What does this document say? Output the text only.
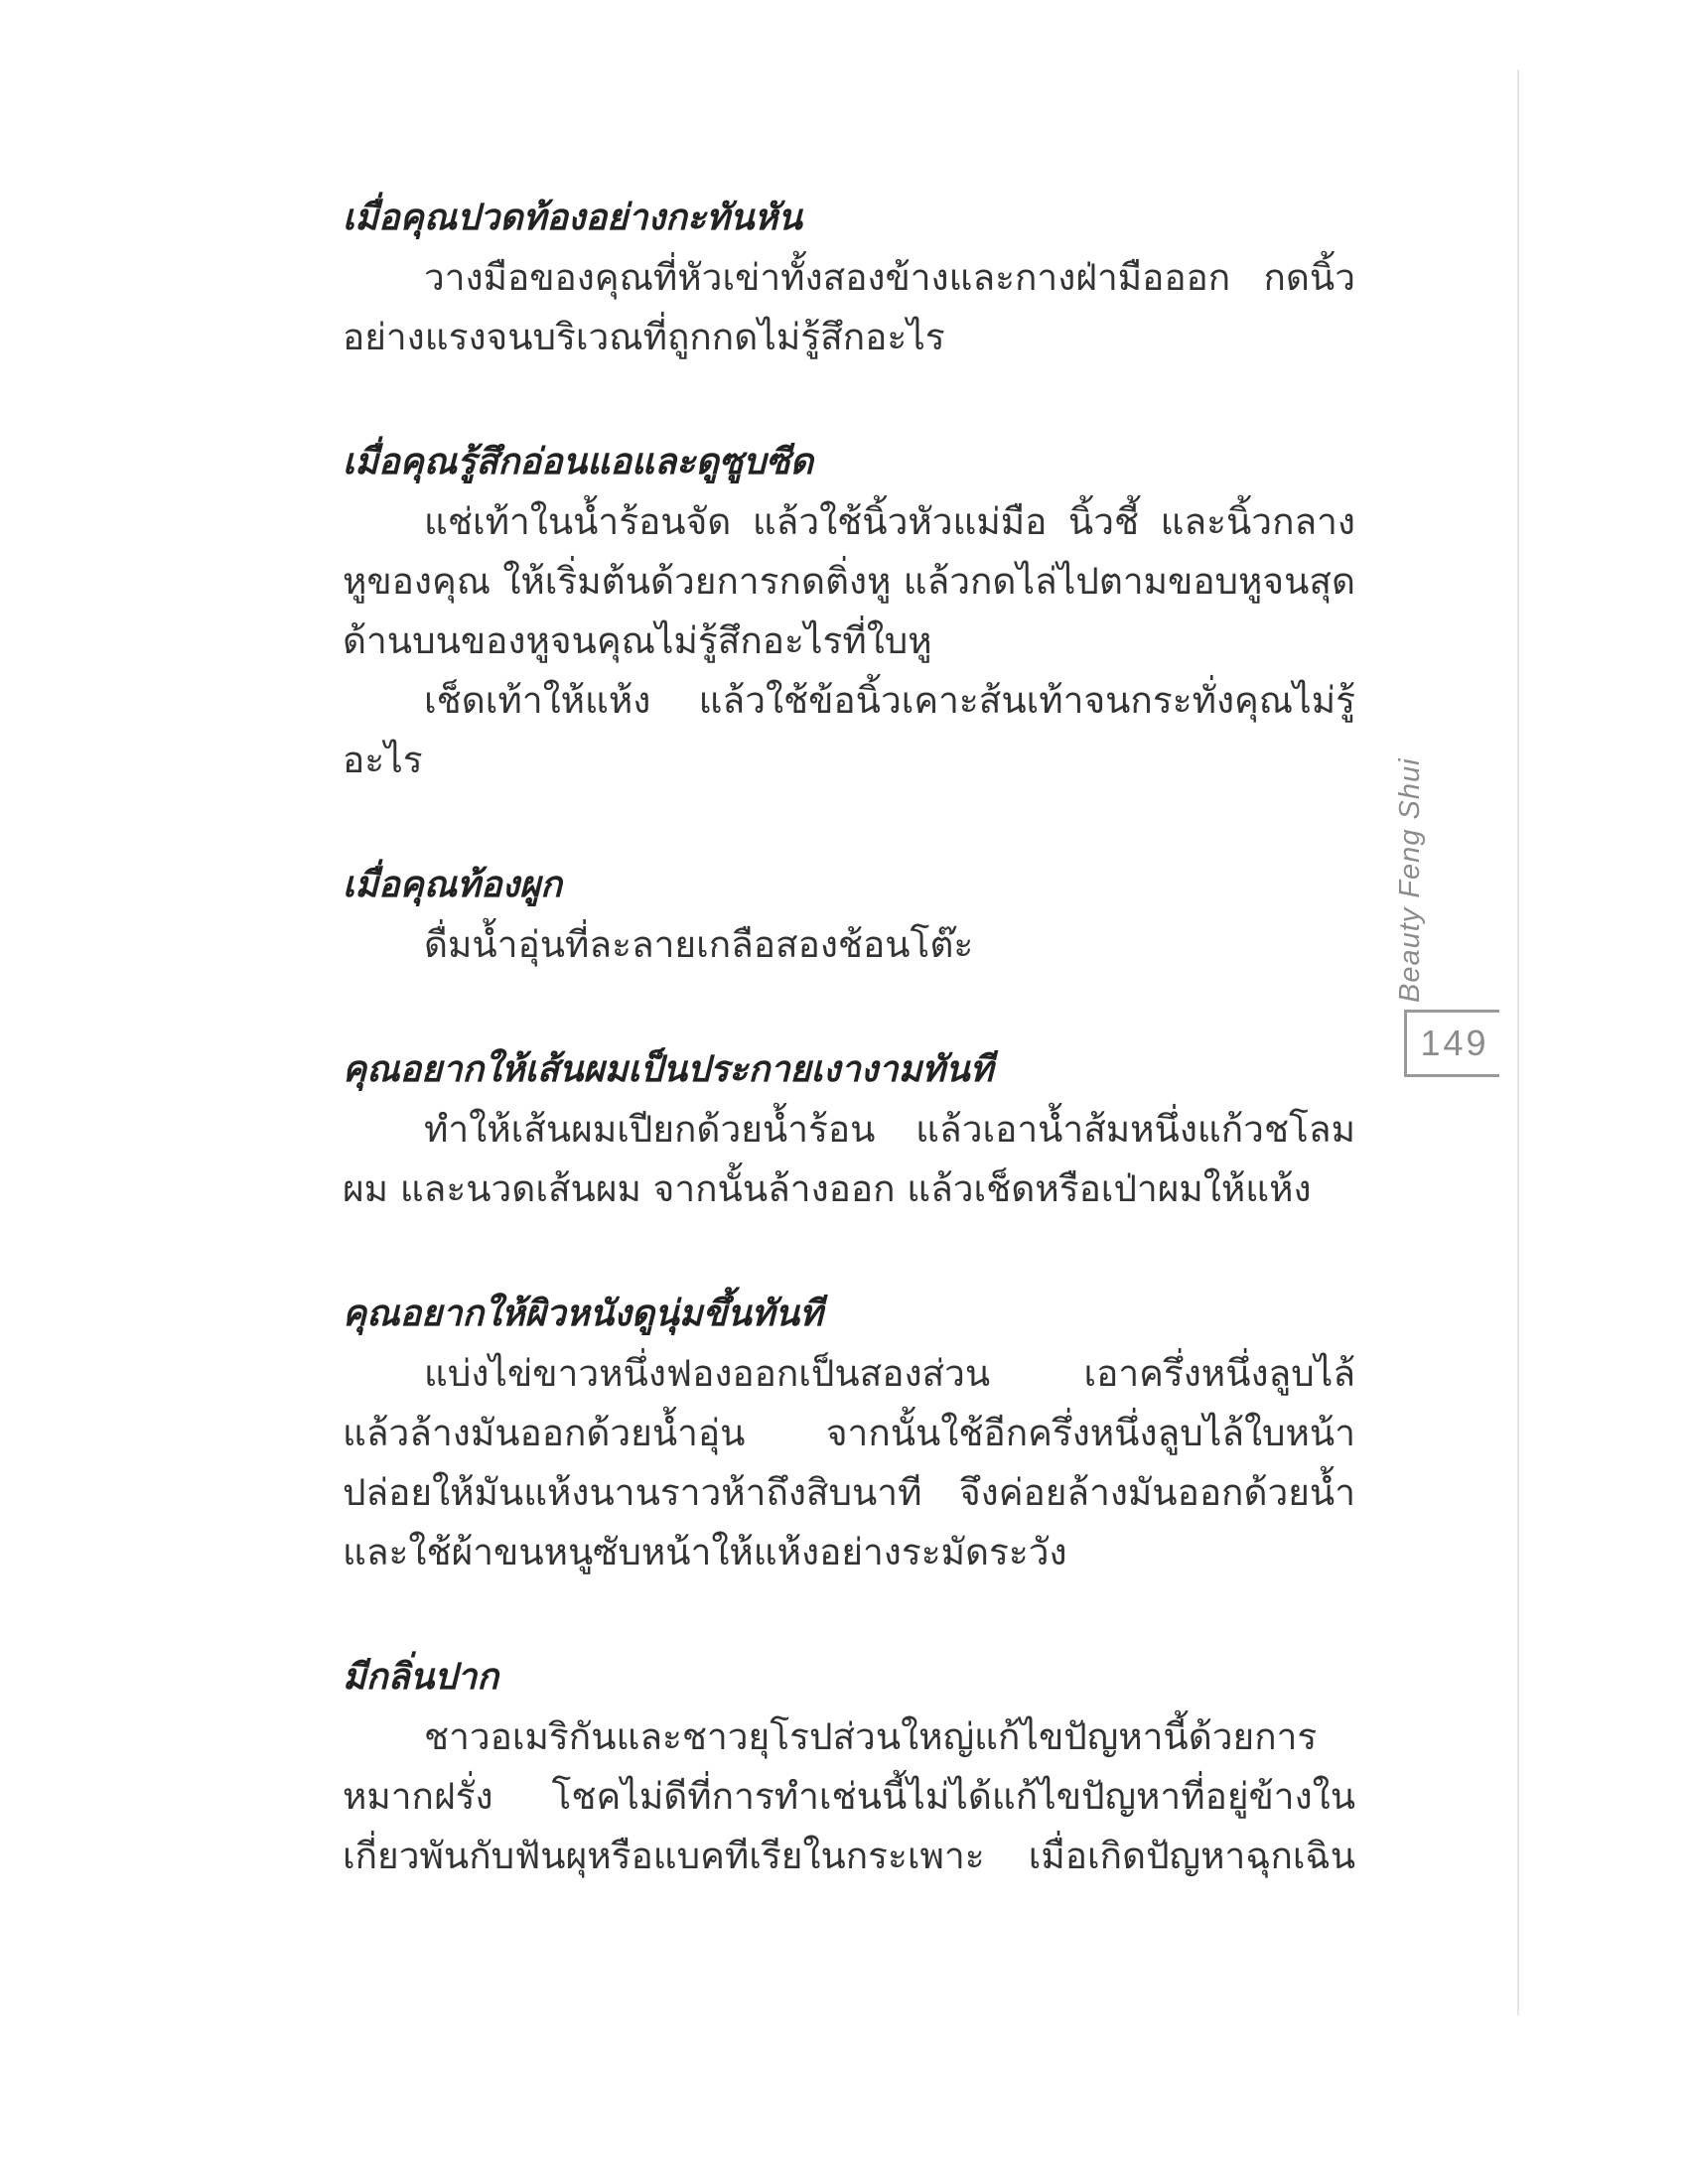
เมื่อคุณปวดท้องอย่างกะทันหัน

วางมือของคุณที่หัวเข่าทั้งสองข้างและกางฝ่ามือออก กดนิ้ว
อย่างแรงจนบริเวณที่ถูกกดไม่รู้สึกอะไร

เมื่อคุณรู้สึกอ่อนแอและดูซูบซีด

แช่เท้าในน้ำร้อนจัด แล้วใช้นิ้วหัวแม่มือ นิ้วชี้ และนิ้วกลาง
หูของคุณ ให้เริ่มต้นด้วยการกดติ่งหู แล้วกดไล่ไปตามขอบหูจนสุด
ด้านบนของหูจนคุณไม่รู้สึกอะไรที่ใบหู

เช็ดเท้าให้แห้ง แล้วใช้ข้อนิ้วเคาะส้นเท้าจนกระทั่งคุณไม่รู้
อะไร

เมื่อคุณท้องผูก

ดื่มน้ำอุ่นที่ละลายเกลือสองช้อนโต๊ะ

คุณอยากให้เส้นผมเป็นประกายเงางามทันที

ทำให้เส้นผมเปียกด้วยน้ำร้อน แล้วเอาน้ำส้มหนึ่งแก้วชโลม
ผม และนวดเส้นผม จากนั้นล้างออก แล้วเช็ดหรือเป่าผมให้แห้ง

คุณอยากให้ผิวหนังดูนุ่มขึ้นทันที

แบ่งไข่ขาวหนึ่งฟองออกเป็นสองส่วน เอาครึ่งหนึ่งลูบไล้
แล้วล้างมันออกด้วยน้ำอุ่น จากนั้นใช้อีกครึ่งหนึ่งลูบไล้ใบหน้า
ปล่อยให้มันแห้งนานราวห้าถึงสิบนาที จึงค่อยล้างมันออกด้วยน้ำ
และใช้ผ้าขนหนูซับหน้าให้แห้งอย่างระมัดระวัง

มีกลิ่นปาก

ชาวอเมริกันและชาวยุโรปส่วนใหญ่แก้ไขปัญหานี้ด้วยการ
หมากฝรั่ง โชคไม่ดีที่การทำเช่นนี้ไม่ได้แก้ไขปัญหาที่อยู่ข้างใน
เกี่ยวพันกับฟันผุหรือแบคทีเรียในกระเพาะ เมื่อเกิดปัญหาฉุกเฉิน

Beauty Feng Shui
149
